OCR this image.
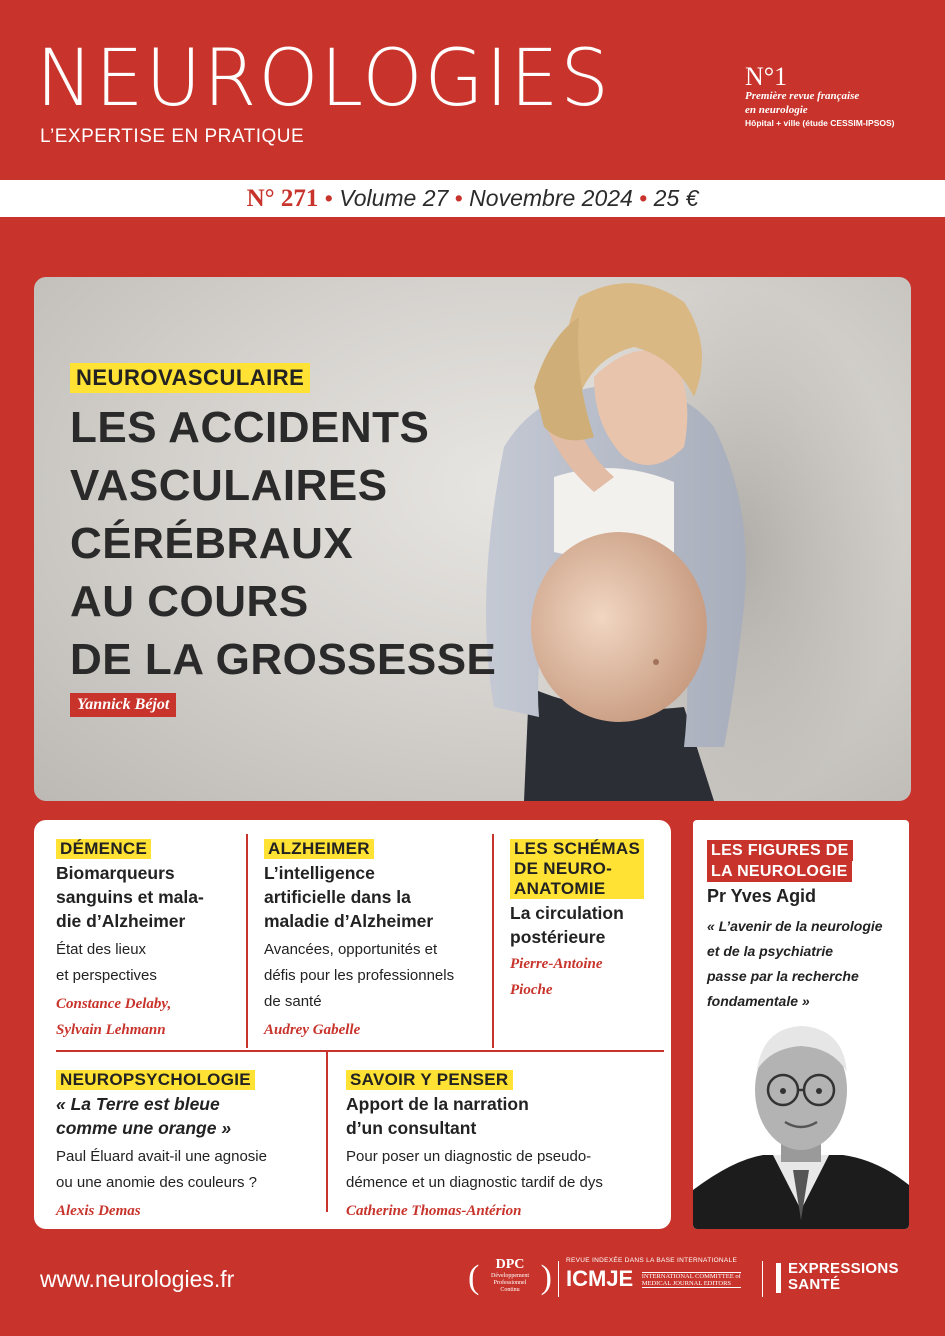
NEUROLOGIES
L’EXPERTISE EN PRATIQUE
N°1
Première revue française
en neurologie
Hôpital + ville (étude CESSIM-IPSOS)
N° 271 • Volume 27 • Novembre 2024 • 25 €
NEUROVASCULAIRE
LES ACCIDENTS
VASCULAIRES
CÉRÉBRAUX
AU COURS
DE LA GROSSESSE
Yannick Béjot
DÉMENCE
Biomarqueurs
sanguins et mala-
die d’Alzheimer
État des lieux
et perspectives
Constance Delaby,
Sylvain Lehmann
ALZHEIMER
L’intelligence
artificielle dans la
maladie d’Alzheimer
Avancées, opportunités et
défis pour les professionnels
de santé
Audrey Gabelle
LES SCHÉMAS
DE NEURO-
ANATOMIE
La circulation
postérieure
Pierre-Antoine
Pioche
NEUROPSYCHOLOGIE
« La Terre est bleue
comme une orange »
Paul Éluard avait-il une agnosie
ou une anomie des couleurs ?
Alexis Demas
SAVOIR Y PENSER
Apport de la narration
d’un consultant
Pour poser un diagnostic de pseudo-
démence et un diagnostic tardif de dys
Catherine Thomas-Antérion
LES FIGURES DE
LA NEUROLOGIE
Pr Yves Agid
« L’avenir de la neurologie
et de la psychiatrie
passe par la recherche
fondamentale »
www.neurologies.fr	(	DPC
Développement
Professionnel
Continu ) REVUE INDEXÉE DANS LA BASE INTERNATIONALE
ICMJE INTERNATIONAL COMMITTEE of
MEDICAL JOURNAL EDITORS
EXPRESSIONS
SANTÉ
